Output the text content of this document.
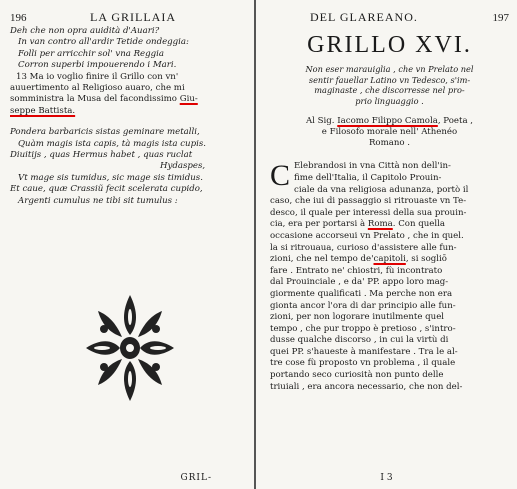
196	LA GRILLAIA
Deh che non opra auidità d'Auari?
In van contro all'ardir Tetide ondeggia:
Folli per arricchir sol' vna Reggia
Corron superbi impouerendo i Mari.
13 Ma io voglio finire il Grillo con vn'
auuertimento al Religioso auaro, che mi
somministra la Musa del facondissimo Giu-
seppe Battista.
Pondera barbaricis sistas geminare metalli,
Quàm magis ista capis, tà magis ista cupis.
Diuitijs , quas Hermus habet , quas ruclat
Hydaspes,
Vt mage sis tumidus, sic mage sis timidus.
Et caue, quæ Crassiũ fecit scelerata cupido,
Argenti cumulus ne tibi sit tumulus :
GRIL-
DEL GLAREANO.	197
GRILLO XVI.
Non eser marauiglia , che vn Prelato nel
sentir fauellar Latino vn Tedesco, s'im-
maginaste , che discorresse nel pro-
prio linguaggio .
Al Sig. Iacomo Filippo Camola, Poeta ,
e Filosofo morale nell' Athenéo
Romano .
C Elebrandosi in vna Città non dell'in-
fime dell'Italia, il Capitolo Prouin-
ciale da vna religiosa adunanza, portò il
caso, che iui di passaggio si ritrouaste vn Te-
desco, il quale per interessi della sua prouin-
cia, era per portarsi à Roma. Con quella
occasione accorseui vn Prelato , che in quel.
la si ritrouaua, curioso d'assistere alle fun-
zioni, che nel tempo de'capitoli, si sogliō
fare . Entrato ne' chiostri, fù incontrato
dal Prouinciale , e da' PP. appo loro mag-
giormente qualificati . Ma perche non era
gionta ancor l'ora di dar principio alle fun-
zioni, per non logorare inutilmente quel
tempo , che pur troppo è pretioso , s'intro-
dusse qualche discorso , in cui la virtù di
quei PP. s'haueste à manifestare . Tra le al-
tre cose fù proposto vn problema , il quale
portando seco curiosità non punto delle
triuiali , era ancora necessario, che non del-
I 3
